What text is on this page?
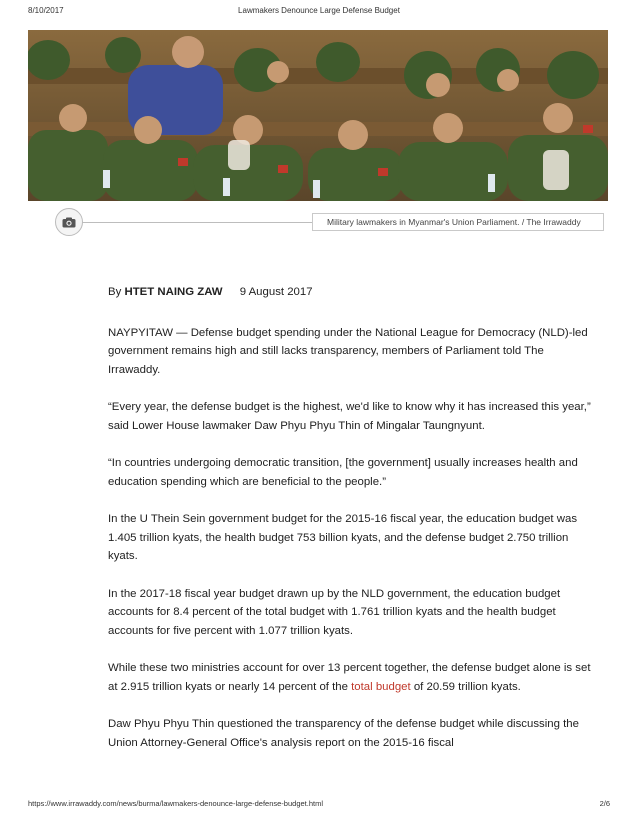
8/10/2017	Lawmakers Denounce Large Defense Budget
Military lawmakers in Myanmar's Union Parliament. / The Irrawaddy
By HTET NAING ZAW 9 August 2017

NAYPYITAW — Defense budget spending under the National League for Democracy (NLD)-led government remains high and still lacks transparency, members of Parliament told The Irrawaddy.

“Every year, the defense budget is the highest, we'd like to know why it has increased this year,” said Lower House lawmaker Daw Phyu Phyu Thin of Mingalar Taungnyunt.

“In countries undergoing democratic transition, [the government] usually increases health and education spending which are beneficial to the people.”

In the U Thein Sein government budget for the 2015-16 fiscal year, the education budget was 1.405 trillion kyats, the health budget 753 billion kyats, and the defense budget 2.750 trillion kyats.

In the 2017-18 fiscal year budget drawn up by the NLD government, the education budget accounts for 8.4 percent of the total budget with 1.761 trillion kyats and the health budget accounts for five percent with 1.077 trillion kyats.

While these two ministries account for over 13 percent together, the defense budget alone is set at 2.915 trillion kyats or nearly 14 percent of the total budget of 20.59 trillion kyats.

Daw Phyu Phyu Thin questioned the transparency of the defense budget while discussing the Union Attorney-General Office's analysis report on the 2015-16 fiscal

https://www.irrawaddy.com/news/burma/lawmakers-denounce-large-defense-budget.html	2/6
